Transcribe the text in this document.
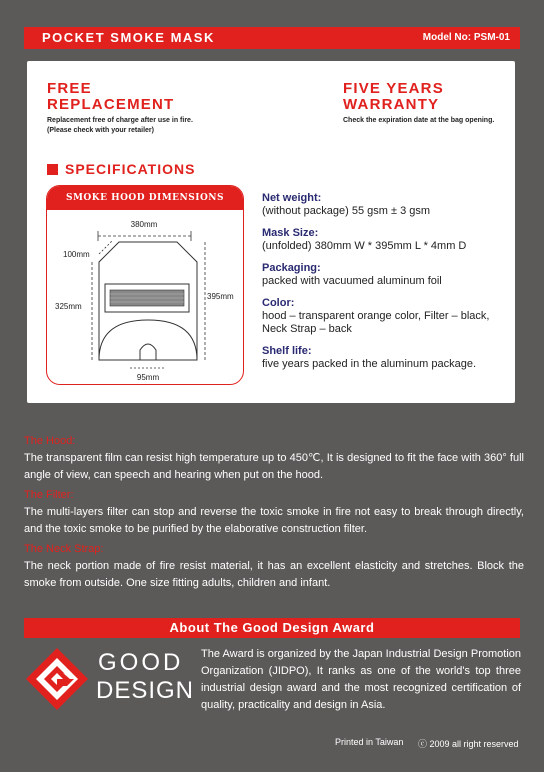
POCKET SMOKE MASK	Model No: PSM-01
FREE
REPLACEMENT
Replacement free of charge after use in fire.
(Please check with your retailer)
FIVE YEARS
WARRANTY
Check the expiration date at the bag opening.
SPECIFICATIONS
SMOKE HOOD DIMENSIONS
380mm
100mm
325mm
395mm
95mm
Net weight:
(without package) 55 gsm ± 3 gsm
Mask Size:
(unfolded) 380mm W * 395mm L * 4mm D
Packaging:
packed with vacuumed aluminum foil
Color:
hood – transparent orange color, Filter – black,
Neck Strap – back
Shelf life:
five years packed in the aluminum package.
The Hood:
The transparent film can resist high temperature up to 450℃, It is designed to fit the face with 360° full angle of view, can speech and hearing when put on the hood.
The Filter:
The multi-layers filter can stop and reverse the toxic smoke in fire not easy to break through directly, and the toxic smoke to be purified by the elaborative construction filter.
The Neck Strap:
The neck portion made of fire resist material, it has an excellent elasticity and stretches. Block the smoke from outside. One size fitting adults, children and infant.
About The Good Design Award
GOOD
DESIGN
The Award is organized by the Japan Industrial Design Promotion Organization (JIDPO), It ranks as one of the world's top three industrial design award and the most recognized certification of quality, practicality and design in Asia.
Printed in Taiwan ⓒ 2009 all right reserved
